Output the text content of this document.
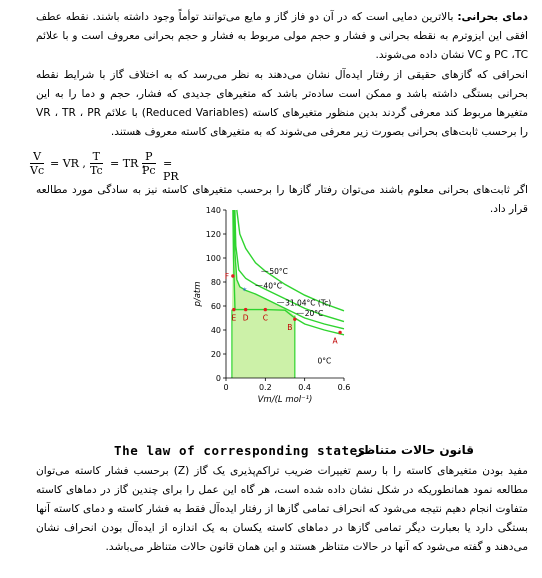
دمای بحرانی: بالاترین دمایی است که در آن دو فاز گاز و مایع می‌توانند توأماً وجود داشته باشند. نقطه عطف افقی این ایزوترم به نقطه بحرانی و فشار و حجم مولی مربوط به فشار و حجم بحرانی معروف است و با علائم PC ،TC و VC نشان داده می‌شوند.
انحرافی که گازهای حقیقی از رفتار ایده‌آل نشان می‌دهند به نظر می‌رسد که به اختلاف گاز با شرایط نقطه بحرانی بستگی داشته باشد و ممکن است ساده‌تر باشد که متغیرهای جدیدی که فشار، حجم و دما را به این متغیرها مربوط کند معرفی گردند بدین منظور متغیرهای کاسته (Reduced Variables) با علائم VR ، TR ، PR را برحسب ثابت‌های بحرانی بصورت زیر معرفی می‌شوند که به متغیرهای کاسته معروف هستند.
$\frac{V}{Vc}$ = VR , $\frac{T}{Tc}$ = TR ,
$\frac{P}{Pc}$ = PR
اگر ثابت‌های بحرانی معلوم باشند می‌توان رفتار گازها را برحسب متغیرهای کاسته نیز به سادگی مورد مطالعه قرار داد.
0	0.2	0.4	0.6
0
20
40
60
80
100
120
140
Vm/(L mol⁻¹)
p/atm
50°C
40°C
31.04°C (Tc)
20°C
F
E D C
B
A
*
0°C
The law of corresponding states
قانون حالات متناظر
مفید بودن متغیرهای کاسته را با رسم تغییرات ضریب تراکم‌پذیری یک گاز (Z) برحسب فشار کاسته می‌توان مطالعه نمود همانطوریکه در شکل نشان داده شده است، هر گاه این عمل را برای چندین گاز در دماهای کاسته متفاوت انجام دهیم نتیجه می‌شود که انحراف تمامی گازها از رفتار ایده‌آل فقط به فشار کاسته و دمای کاسته آنها بستگی دارد یا بعبارت دیگر تمامی گازها در دماهای کاسته یکسان به یک اندازه از ایده‌آل بودن انحراف نشان می‌دهند و گفته می‌شود که آنها در حالات متناظر هستند و این همان قانون حالات متناظر می‌باشد.
